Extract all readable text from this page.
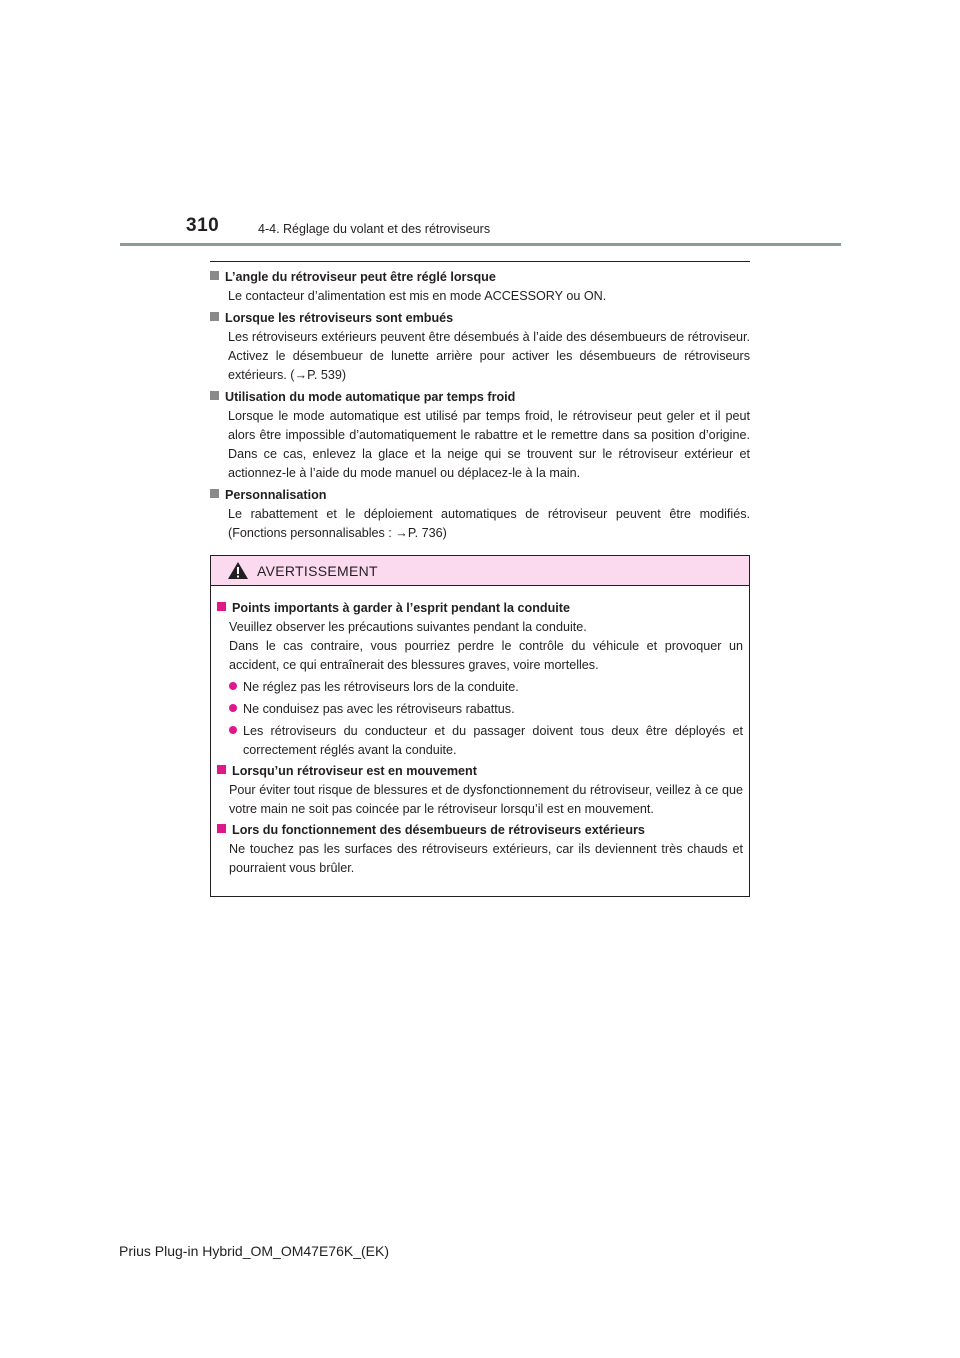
310	4-4. Réglage du volant et des rétroviseurs
L’angle du rétroviseur peut être réglé lorsque
Le contacteur d’alimentation est mis en mode ACCESSORY ou ON.
Lorsque les rétroviseurs sont embués
Les rétroviseurs extérieurs peuvent être désembués à l’aide des désembueurs de rétroviseur. Activez le désembueur de lunette arrière pour activer les désembueurs de rétroviseurs extérieurs. (→P. 539)
Utilisation du mode automatique par temps froid
Lorsque le mode automatique est utilisé par temps froid, le rétroviseur peut geler et il peut alors être impossible d’automatiquement le rabattre et le remettre dans sa position d’origine. Dans ce cas, enlevez la glace et la neige qui se trouvent sur le rétroviseur extérieur et actionnez-le à l’aide du mode manuel ou déplacez-le à la main.
Personnalisation
Le rabattement et le déploiement automatiques de rétroviseur peuvent être modifiés. (Fonctions personnalisables : →P. 736)
AVERTISSEMENT
Points importants à garder à l’esprit pendant la conduite
Veuillez observer les précautions suivantes pendant la conduite.
Dans le cas contraire, vous pourriez perdre le contrôle du véhicule et provoquer un accident, ce qui entraînerait des blessures graves, voire mortelles.
Ne réglez pas les rétroviseurs lors de la conduite.
Ne conduisez pas avec les rétroviseurs rabattus.
Les rétroviseurs du conducteur et du passager doivent tous deux être déployés et correctement réglés avant la conduite.
Lorsqu’un rétroviseur est en mouvement
Pour éviter tout risque de blessures et de dysfonctionnement du rétroviseur, veillez à ce que votre main ne soit pas coincée par le rétroviseur lorsqu’il est en mouvement.
Lors du fonctionnement des désembueurs de rétroviseurs extérieurs
Ne touchez pas les surfaces des rétroviseurs extérieurs, car ils deviennent très chauds et pourraient vous brûler.
Prius Plug-in Hybrid_OM_OM47E76K_(EK)
